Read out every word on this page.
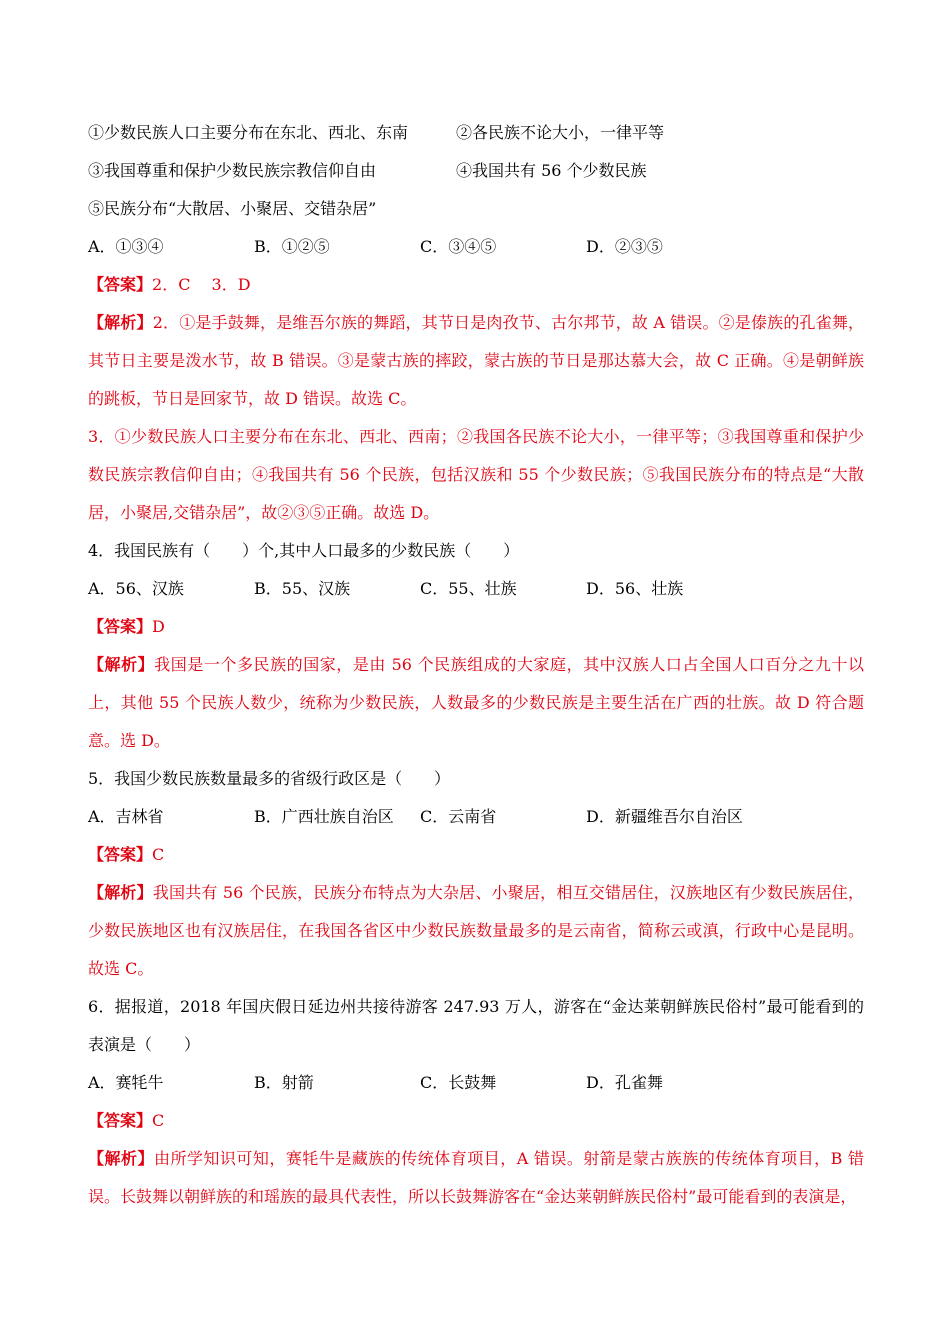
①少数民族人口主要分布在东北、西北、东南	②各民族不论大小，一律平等
③我国尊重和保护少数民族宗教信仰自由	④我国共有 56 个少数民族
⑤民族分布“大散居、小聚居、交错杂居”
A．①③④	B．①②⑤	C．③④⑤	D．②③⑤
【答案】2．C　 3．D
【解析】2．①是手鼓舞，是维吾尔族的舞蹈，其节日是肉孜节、古尔邦节，故 A 错误。②是傣族的孔雀舞，其节日主要是泼水节，故 B 错误。③是蒙古族的摔跤，蒙古族的节日是那达慕大会，故 C 正确。④是朝鲜族的跳板，节日是回家节，故 D 错误。故选 C。
3．①少数民族人口主要分布在东北、西北、西南；②我国各民族不论大小，一律平等；③我国尊重和保护少数民族宗教信仰自由；④我国共有 56 个民族，包括汉族和 55 个少数民族；⑤我国民族分布的特点是“大散居，小聚居,交错杂居”，故②③⑤正确。故选 D。
4．我国民族有（　　）个,其中人口最多的少数民族（　　）
A．56、汉族	B．55、汉族	C．55、壮族	D．56、壮族
【答案】D
【解析】我国是一个多民族的国家，是由 56 个民族组成的大家庭，其中汉族人口占全国人口百分之九十以上，其他 55 个民族人数少，统称为少数民族，人数最多的少数民族是主要生活在广西的壮族。故 D 符合题意。选 D。
5．我国少数民族数量最多的省级行政区是（　　）
A．吉林省	B．广西壮族自治区	C．云南省	D．新疆维吾尔自治区
【答案】C
【解析】我国共有 56 个民族，民族分布特点为大杂居、小聚居，相互交错居住，汉族地区有少数民族居住，少数民族地区也有汉族居住，在我国各省区中少数民族数量最多的是云南省，简称云或滇，行政中心是昆明。故选 C。
6．据报道，2018 年国庆假日延边州共接待游客 247.93 万人，游客在“金达莱朝鲜族民俗村”最可能看到的表演是（　　）
A．赛牦牛	B．射箭	C．长鼓舞	D．孔雀舞
【答案】C
【解析】由所学知识可知，赛牦牛是藏族的传统体育项目，A 错误。射箭是蒙古族族的传统体育项目，B 错误。长鼓舞以朝鲜族的和瑶族的最具代表性，所以长鼓舞游客在“金达莱朝鲜族民俗村”最可能看到的表演是，
